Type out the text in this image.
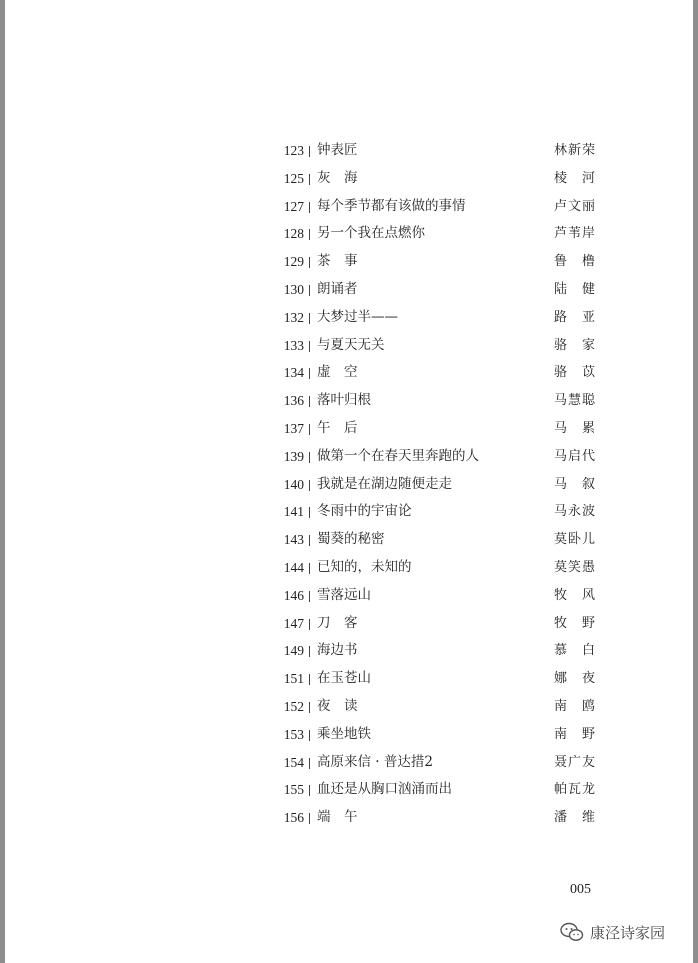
123 钟表匠	林新荣
125 灰　海	棱　河
127 每个季节都有该做的事情	卢文丽
128 另一个我在点燃你	芦苇岸
129 茶　事	鲁　橹
130 朗诵者	陆　健
132 大梦过半——	路　亚
133 与夏天无关	骆　家
134 虚　空	骆　苡
136 落叶归根	马慧聪
137 午　后	马　累
139 做第一个在春天里奔跑的人	马启代
140 我就是在湖边随便走走	马　叙
141 冬雨中的宇宙论	马永波
143 蜀葵的秘密	莫卧儿
144 已知的，未知的	莫笑愚
146 雪落远山	牧　风
147 刀　客	牧　野
149 海边书	慕　白
151 在玉苍山	娜　夜
152 夜　读	南　鸥
153 乘坐地铁	南　野
154 高原来信 · 普达措2	聂广友
155 血还是从胸口汹涌而出	帕瓦龙
156 端　午	潘　维
005
康泾诗家园
